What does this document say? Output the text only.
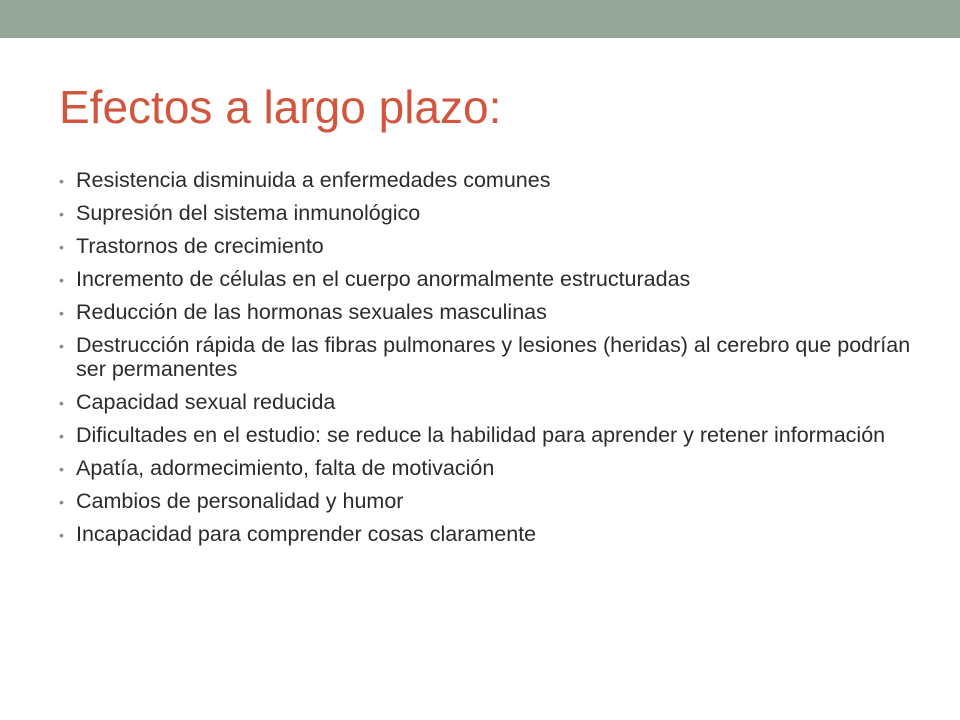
Efectos a largo plazo:
• Resistencia disminuida a enfermedades comunes
• Supresión del sistema inmunológico
• Trastornos de crecimiento
• Incremento de células en el cuerpo anormalmente estructuradas
• Reducción de las hormonas sexuales masculinas
• Destrucción rápida de las fibras pulmonares y lesiones (heridas) al cerebro que podrían ser permanentes
• Capacidad sexual reducida
• Dificultades en el estudio: se reduce la habilidad para aprender y retener información
• Apatía, adormecimiento, falta de motivación
• Cambios de personalidad y humor
• Incapacidad para comprender cosas claramente
